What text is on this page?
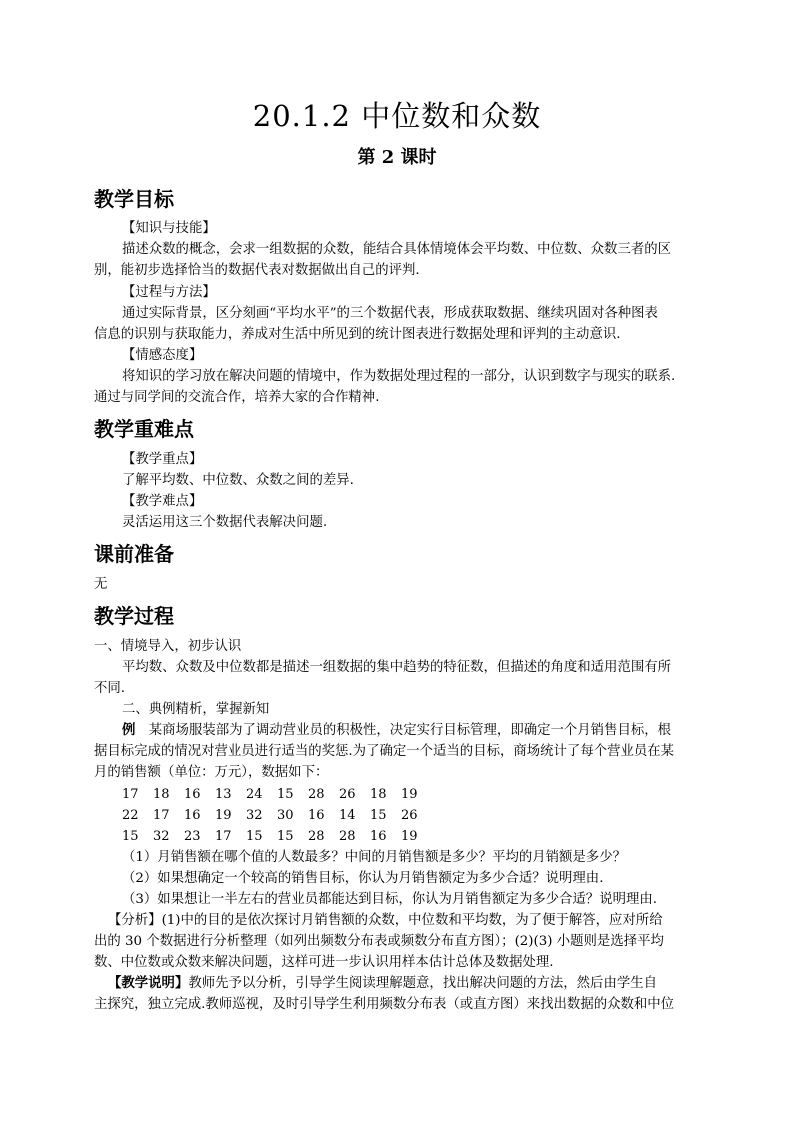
20.1.2 中位数和众数
第 2 课时
教学目标

【知识与技能】

描述众数的概念，会求一组数据的众数，能结合具体情境体会平均数、中位数、众数三者的区

别，能初步选择恰当的数据代表对数据做出自己的评判.

【过程与方法】

通过实际背景，区分刻画“平均水平”的三个数据代表，形成获取数据、继续巩固对各种图表

信息的识别与获取能力，养成对生活中所见到的统计图表进行数据处理和评判的主动意识.

【情感态度】

将知识的学习放在解决问题的情境中，作为数据处理过程的一部分，认识到数字与现实的联系.

通过与同学间的交流合作，培养大家的合作精神.

教学重难点

【教学重点】

了解平均数、中位数、众数之间的差异.

【教学难点】

灵活运用这三个数据代表解决问题.

课前准备

无

教学过程

一、情境导入，初步认识

平均数、众数及中位数都是描述一组数据的集中趋势的特征数，但描述的角度和适用范围有所

不同.

二、典例精析，掌握新知

例　 某商场服装部为了调动营业员的积极性，决定实行目标管理，即确定一个月销售目标，根

据目标完成的情况对营业员进行适当的奖惩.为了确定一个适当的目标，商场统计了每个营业员在某

月的销售额（单位：万元），数据如下：

17 18 16 13 24 15 28 26 18 19
22 17 16 19 32 30 16 14 15 26
15 32 23 17 15 15 28 28 16 19

（1）月销售额在哪个值的人数最多？中间的月销售额是多少？平均的月销额是多少？

（2）如果想确定一个较高的销售目标，你认为月销售额定为多少合适？说明理由.

（3）如果想让一半左右的营业员都能达到目标，你认为月销售额定为多少合适？说明理由.

【分析】(1)中的目的是依次探讨月销售额的众数，中位数和平均数，为了便于解答，应对所给

出的 30 个数据进行分析整理（如列出频数分布表或频数分布直方图）；(2)(3) 小题则是选择平均

数、中位数或众数来解决问题，这样可进一步认识用样本估计总体及数据处理.

【教学说明】教师先予以分析，引导学生阅读理解题意，找出解决问题的方法，然后由学生自

主探究，独立完成.教师巡视，及时引导学生利用频数分布表（或直方图）来找出数据的众数和中位
